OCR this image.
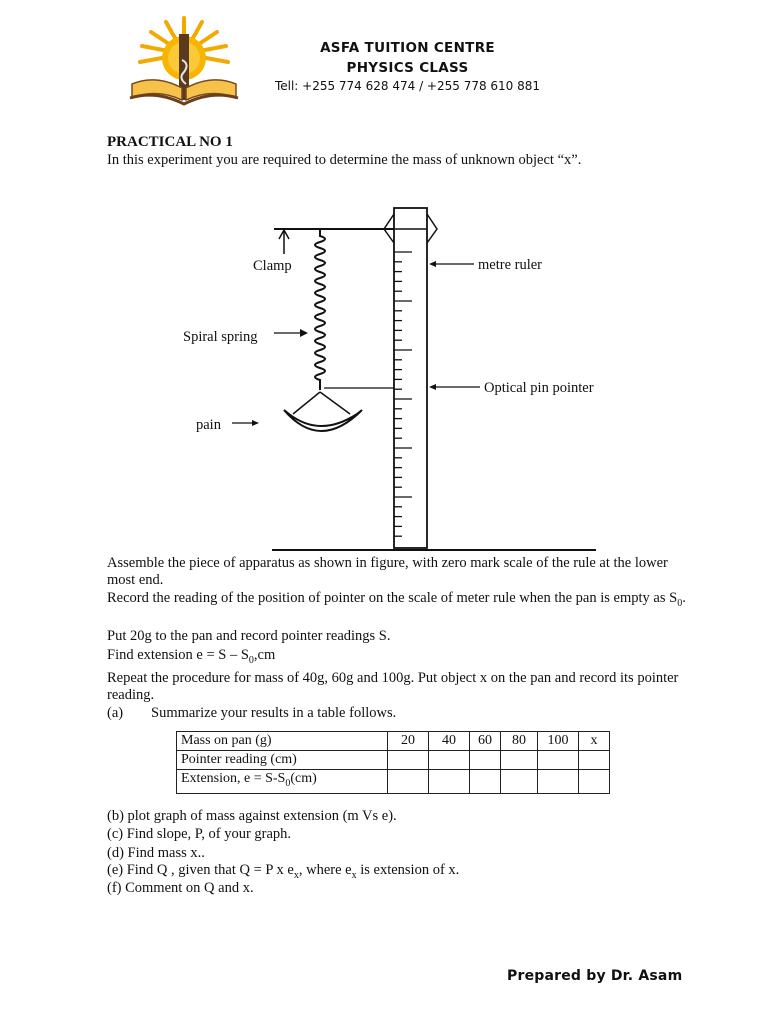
ASFA TUITION CENTRE
PHYSICS CLASS
Tell: +255 774 628 474 / +255 778 610 881
PRACTICAL NO 1
In this experiment you are required to determine the mass of unknown object “x”.
Clamp
Spiral spring
pain
metre ruler
Optical pin pointer
Assemble the piece of apparatus as shown in figure, with zero mark scale of the rule at the lower most end.
Record the reading of the position of pointer on the scale of meter rule when the pan is empty as $S_0$.
Put 20g to the pan and record pointer readings S.
Find extension $e = S - S_0,cm$
Repeat the procedure for mass of 40g, 60g and 100g. Put object x on the pan and record its pointer reading.
(a) Summarize your results in a table follows.
Mass on pan (g)	20	40	60	80	100	x
Pointer reading (cm)						
Extension, $e = S-S_0(cm)$						
(b) plot graph of mass against extension (m Vs e).
(c) Find slope, P, of your graph.
(d) Find mass x..
(e) Find Q , given that Q = P x $e_x$, where $e_x$ is extension of x.
(f) Comment on Q and x.
Prepared by Dr. Asam
